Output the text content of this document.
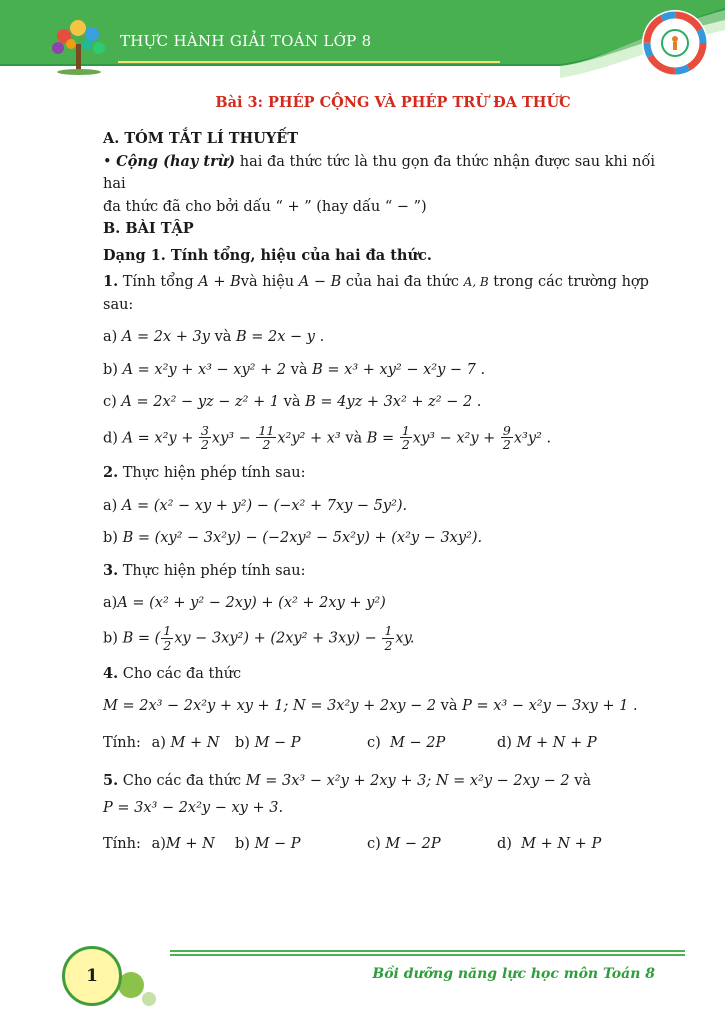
THỰC HÀNH GIẢI TOÁN LỚP 8
Bài 3: PHÉP CỘNG VÀ PHÉP TRỪ ĐA THỨC

A. TÓM TẮT LÍ THUYẾT

• Cộng (hay trừ) hai đa thức tức là thu gọn đa thức nhận được sau khi nối hai

đa thức đã cho bởi dấu “ + ” (hay dấu “ − ”)

B. BÀI TẬP

Dạng 1. Tính tổng, hiệu của hai đa thức.

1. Tính tổng A + Bvà hiệu A − B của hai đa thức A, B trong các trường hợp

sau:

a) A = 2x + 3y và B = 2x − y .

b) A = x²y + x³ − xy² + 2 và B = x³ + xy² − x²y − 7 .

c) A = 2x² − yz − z² + 1 và B = 4yz + 3x² + z² − 2 .

d) $A = x^2y + \frac{3}{2} xy^3 - \frac{11}{2} x^2y^2 + x^3$ và $B = \frac{1}{2} xy^3 - x^2y + \frac{9}{2} x^3y^2$ .

2. Thực hiện phép tính sau:

a) A = (x² − xy + y²) − (−x² + 7xy − 5y²).

b) B = (xy² − 3x²y) − (−2xy² − 5x²y) + (x²y − 3xy²).

3. Thực hiện phép tính sau:

a)A = (x² + y² − 2xy) + (x² + 2xy + y²)

b) B = ( $\frac{1}{2}$ xy − $3xy^2) + (2xy^2 + 3xy) - \frac{1}{2}$ xy.

4. Cho các đa thức

M = 2x³ − 2x²y + xy + 1; N = 3x²y + 2xy − 2 và P = x³ − x²y − 3xy + 1 .

Tính: a) M + N	b) M − P	c) M − 2P	d) M + N + P

5. Cho các đa thức M = 3x³ − x²y + 2xy + 3; N = x²y − 2xy − 2 và

P = 3x³ − 2x²y − xy + 3.

Tính: a)M + N	b) M − P	c) M − 2P	d) M + N + P
1	Bồi dưỡng năng lực học môn Toán 8
